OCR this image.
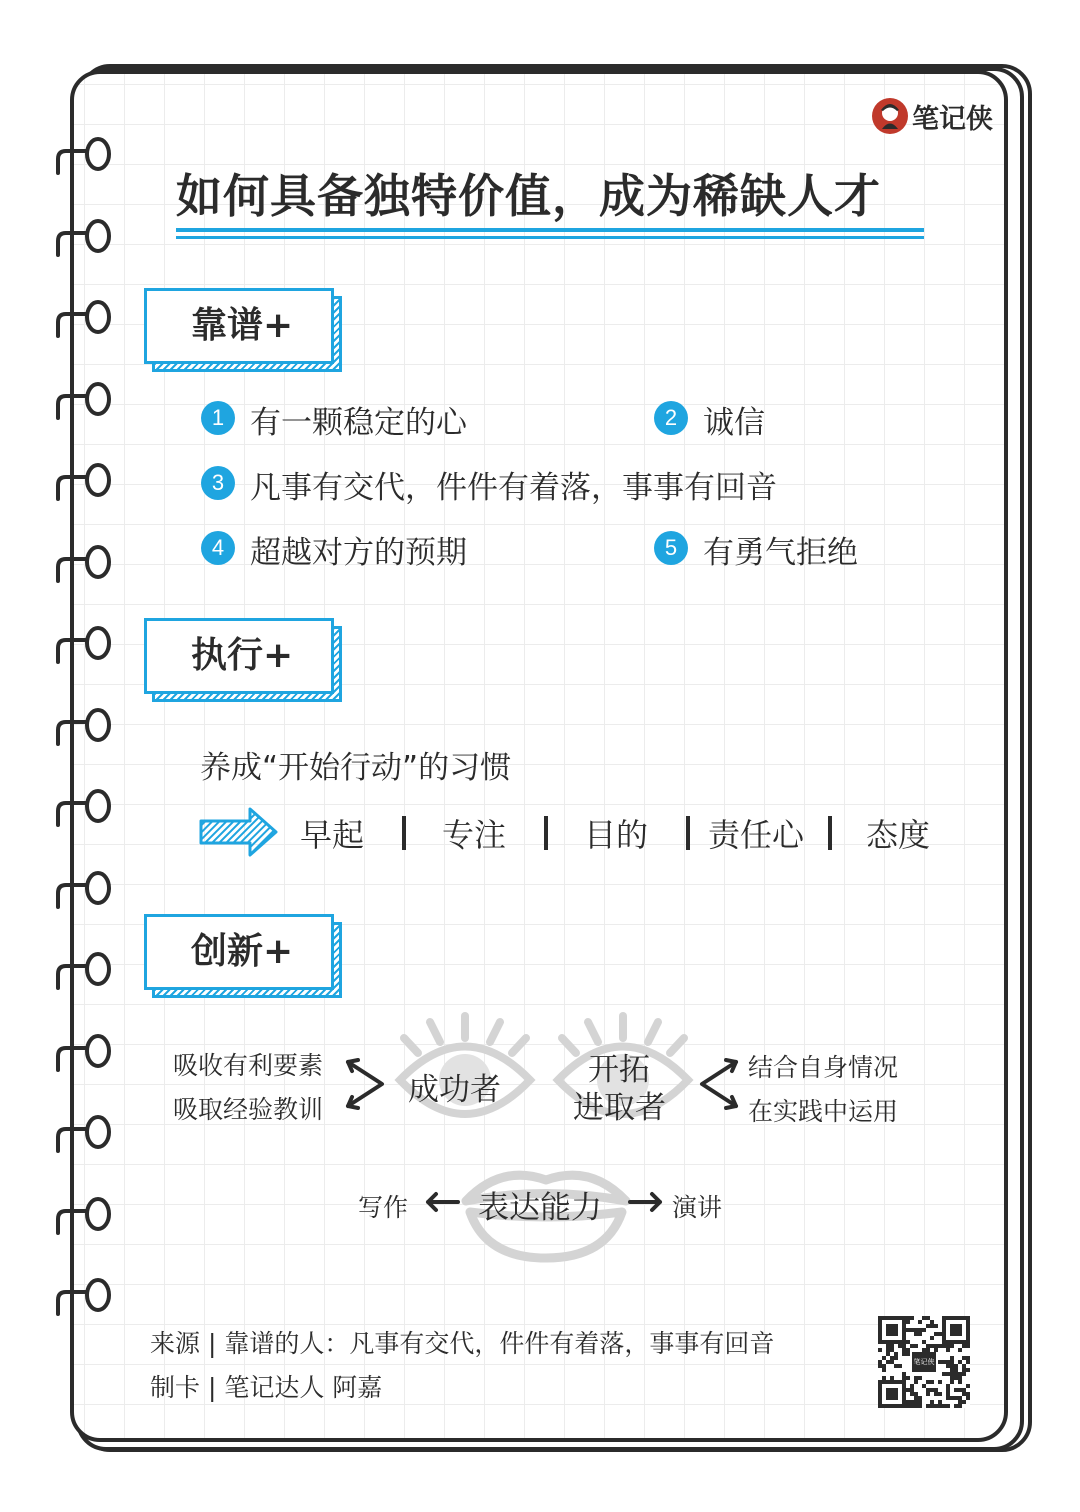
笔记侠
如何具备独特价值，成为稀缺人才
靠谱+
1 有一颗稳定的心	2 诚信
3 凡事有交代，件件有着落，事事有回音
4 超越对方的预期	5 有勇气拒绝
执行+
养成“开始行动”的习惯
早起 专注 目的 责任心 态度
创新+
吸收有利要素
吸取经验教训
成功者
开拓
进取者
结合自身情况
在实践中运用
写作 表达能力	演讲
来源 | 靠谱的人：凡事有交代，件件有着落，事事有回音
制卡 | 笔记达人 阿嘉
笔记侠
